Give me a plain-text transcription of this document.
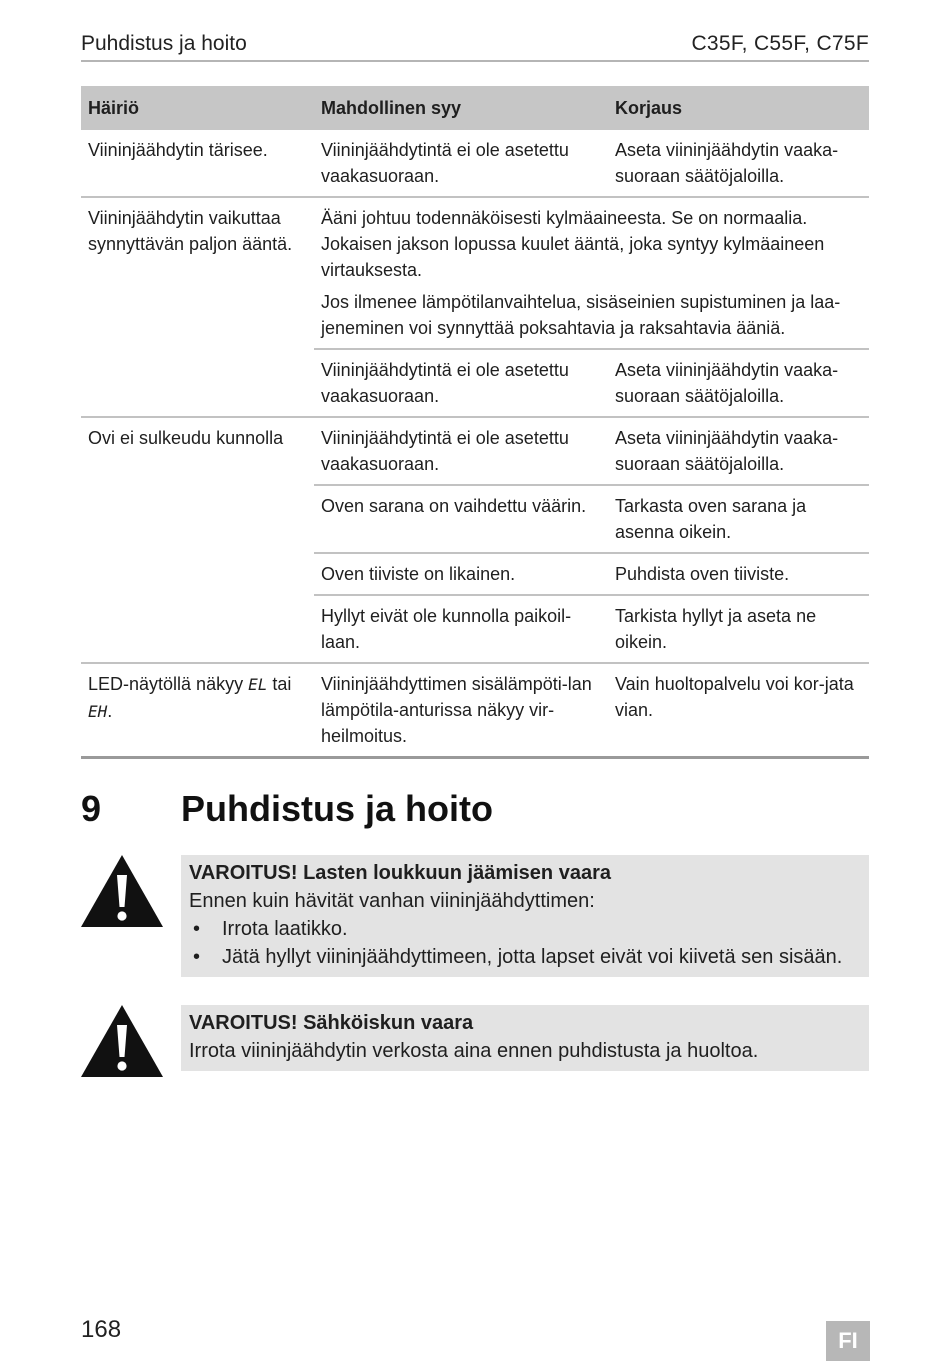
Puhdistus ja hoito	C35F, C55F, C75F
Häiriö	Mahdollinen syy	Korjaus
Viininjäähdytin tärisee.	Viininjäähdytintä ei ole asetettu vaakasuoraan.	Aseta viininjäähdytin vaaka-suoraan säätöjaloilla.
Viininjäähdytin vaikuttaa synnyttävän paljon ääntä.	Ääni johtuu todennäköisesti kylmäaineesta. Se on normaalia. Jokaisen jakson lopussa kuulet ääntä, joka syntyy kylmäaineen virtauksesta.
Jos ilmenee lämpötilanvaihtelua, sisäseinien supistuminen ja laa-jeneminen voi synnyttää poksahtavia ja raksahtavia ääniä.	

	Viininjäähdytintä ei ole asetettu vaakasuoraan.	Aseta viininjäähdytin vaaka-suoraan säätöjaloilla.
Ovi ei sulkeudu kunnolla	Viininjäähdytintä ei ole asetettu vaakasuoraan.	Aseta viininjäähdytin vaaka-suoraan säätöjaloilla.
	Oven sarana on vaihdettu väärin.	Tarkasta oven sarana ja asenna oikein.
	Oven tiiviste on likainen.	Puhdista oven tiiviste.
	Hyllyt eivät ole kunnolla paikoil-laan.	Tarkista hyllyt ja aseta ne oikein.
LED-näytöllä näkyy EL tai EH.	Viininjäähdyttimen sisälämpöti-lan lämpötila-anturissa näkyy vir-heilmoitus.	Vain huoltopalvelu voi kor-jata vian.
9 Puhdistus ja hoito
VAROITUS! Lasten loukkuun jäämisen vaara
Ennen kuin hävität vanhan viininjäähdyttimen:
• Irrota laatikko.
• Jätä hyllyt viininjäähdyttimeen, jotta lapset eivät voi kiivetä sen sisään.
VAROITUS! Sähköiskun vaara
Irrota viininjäähdytin verkosta aina ennen puhdistusta ja huoltoa.
168	FI
